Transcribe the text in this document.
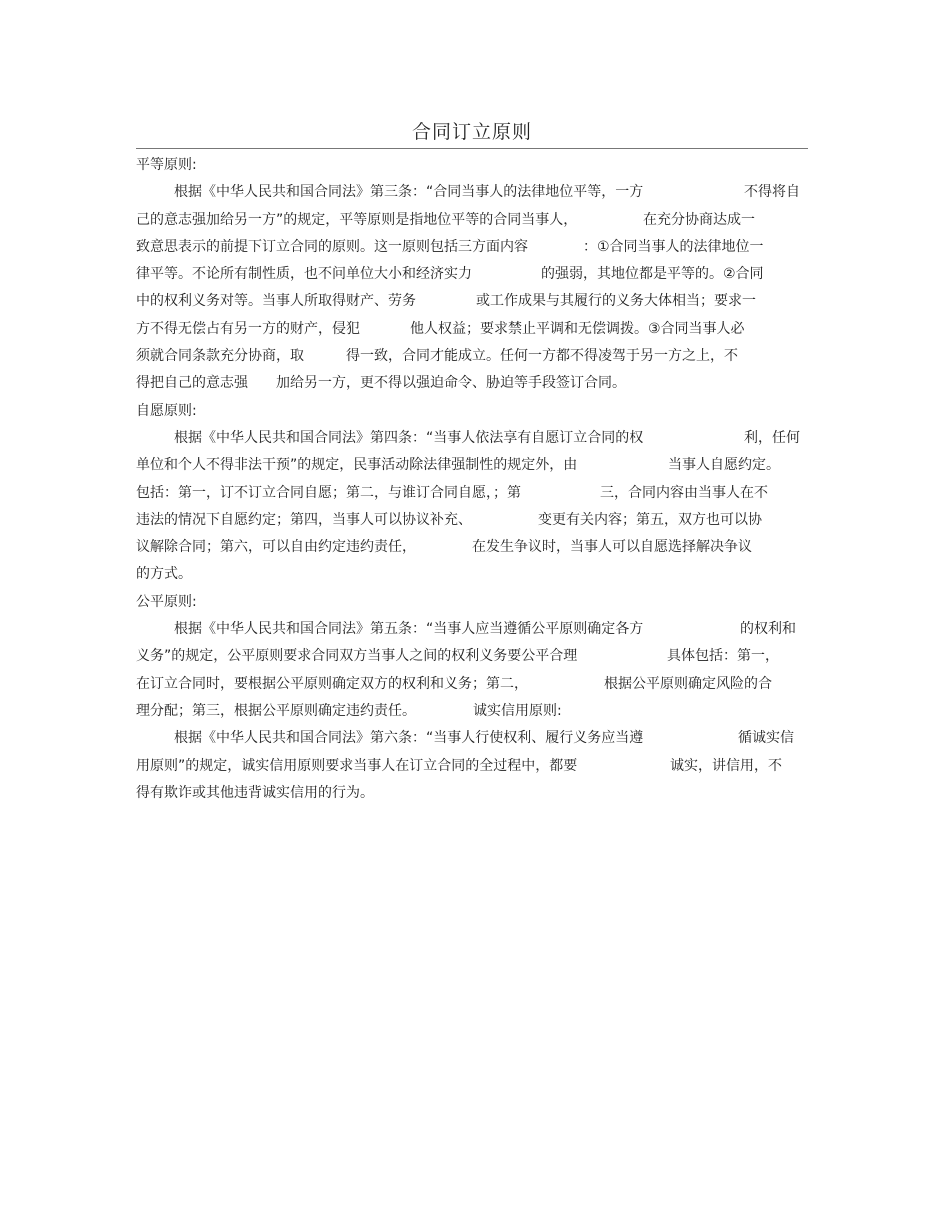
合同订立原则
平等原则:
根据《中华人民共和国合同法》第三条：“合同当事人的法律地位平等，一方	不得将自
己的意志强加给另一方”的规定，平等原则是指地位平等的合同当事人，	在充分协商达成一
致意思表示的前提下订立合同的原则。这一原则包括三方面内容	：①合同当事人的法律地位一
律平等。不论所有制性质，也不问单位大小和经济实力	的强弱，其地位都是平等的。②合同
中的权利义务对等。当事人所取得财产、劳务	或工作成果与其履行的义务大体相当；要求一
方不得无偿占有另一方的财产，侵犯	他人权益；要求禁止平调和无偿调拨。③合同当事人必
须就合同条款充分协商，取	得一致，合同才能成立。任何一方都不得凌驾于另一方之上，不
得把自己的意志强 加给另一方，更不得以强迫命令、胁迫等手段签订合同。
自愿原则:
根据《中华人民共和国合同法》第四条：“当事人依法享有自愿订立合同的权	利，任何
单位和个人不得非法干预”的规定，民事活动除法律强制性的规定外，由	当事人自愿约定。
包括：第一，订不订立合同自愿；第二，与谁订合同自愿，；第	三，合同内容由当事人在不
违法的情况下自愿约定；第四，当事人可以协议补充、	变更有关内容；第五，双方也可以协
议解除合同；第六，可以自由约定违约责任，	在发生争议时，当事人可以自愿选择解决争议
的方式。
公平原则:
根据《中华人民共和国合同法》第五条：“当事人应当遵循公平原则确定各方	的权利和
义务”的规定，公平原则要求合同双方当事人之间的权利义务要公平合理	具体包括：第一，
在订立合同时，要根据公平原则确定双方的权利和义务；第二，	根据公平原则确定风险的合
理分配；第三，根据公平原则确定违约责任。	诚实信用原则:
根据《中华人民共和国合同法》第六条：“当事人行使权利、履行义务应当遵	循诚实信
用原则”的规定，诚实信用原则要求当事人在订立合同的全过程中，都要	诚实，讲信用，不
得有欺诈或其他违背诚实信用的行为。
